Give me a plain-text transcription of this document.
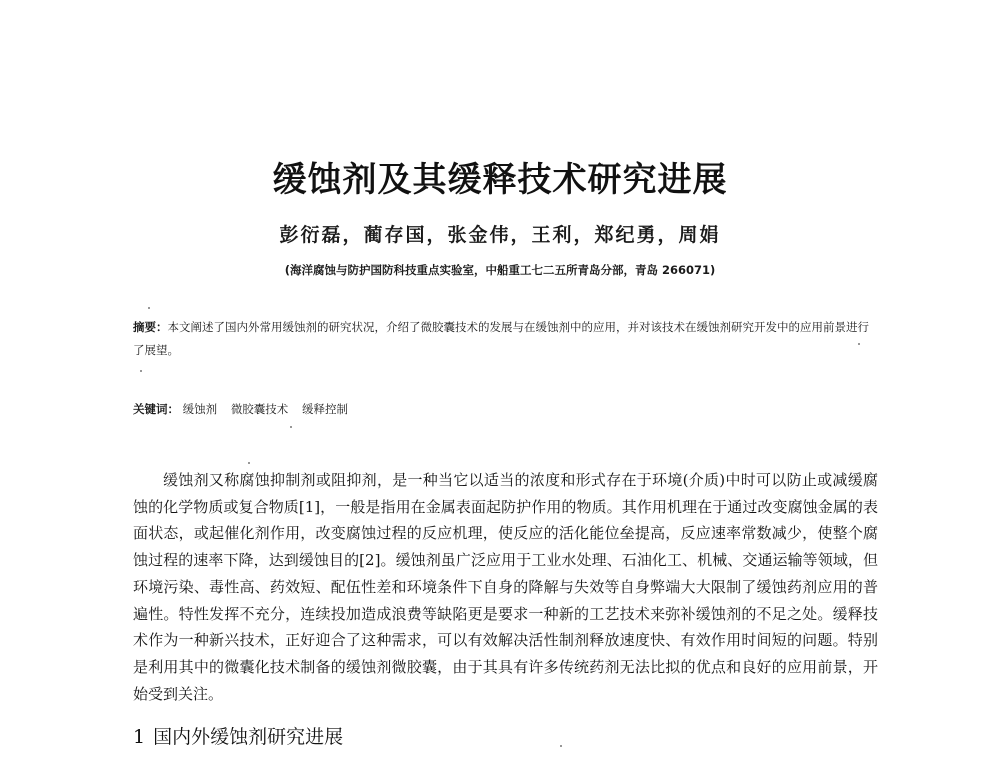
缓蚀剂及其缓释技术研究进展
彭衍磊，蔺存国，张金伟，王利，郑纪勇，周娟
(海洋腐蚀与防护国防科技重点实验室，中船重工七二五所青岛分部，青岛 266071)
摘要：本文阐述了国内外常用缓蚀剂的研究状况，介绍了微胶囊技术的发展与在缓蚀剂中的应用，并对该技术在缓蚀剂研究开发中的应用前景进行了展望。
关键词： 缓蚀剂 微胶囊技术 缓释控制
缓蚀剂又称腐蚀抑制剂或阻抑剂，是一种当它以适当的浓度和形式存在于环境(介质)中时可以防止或减缓腐蚀的化学物质或复合物质[1]，一般是指用在金属表面起防护作用的物质。其作用机理在于通过改变腐蚀金属的表面状态，或起催化剂作用，改变腐蚀过程的反应机理，使反应的活化能位垒提高，反应速率常数减少，使整个腐蚀过程的速率下降，达到缓蚀目的[2]。缓蚀剂虽广泛应用于工业水处理、石油化工、机械、交通运输等领域，但环境污染、毒性高、药效短、配伍性差和环境条件下自身的降解与失效等自身弊端大大限制了缓蚀药剂应用的普遍性。特性发挥不充分，连续投加造成浪费等缺陷更是要求一种新的工艺技术来弥补缓蚀剂的不足之处。缓释技术作为一种新兴技术，正好迎合了这种需求，可以有效解决活性制剂释放速度快、有效作用时间短的问题。特别是利用其中的微囊化技术制备的缓蚀剂微胶囊，由于其具有许多传统药剂无法比拟的优点和良好的应用前景，开始受到关注。
1 国内外缓蚀剂研究进展
